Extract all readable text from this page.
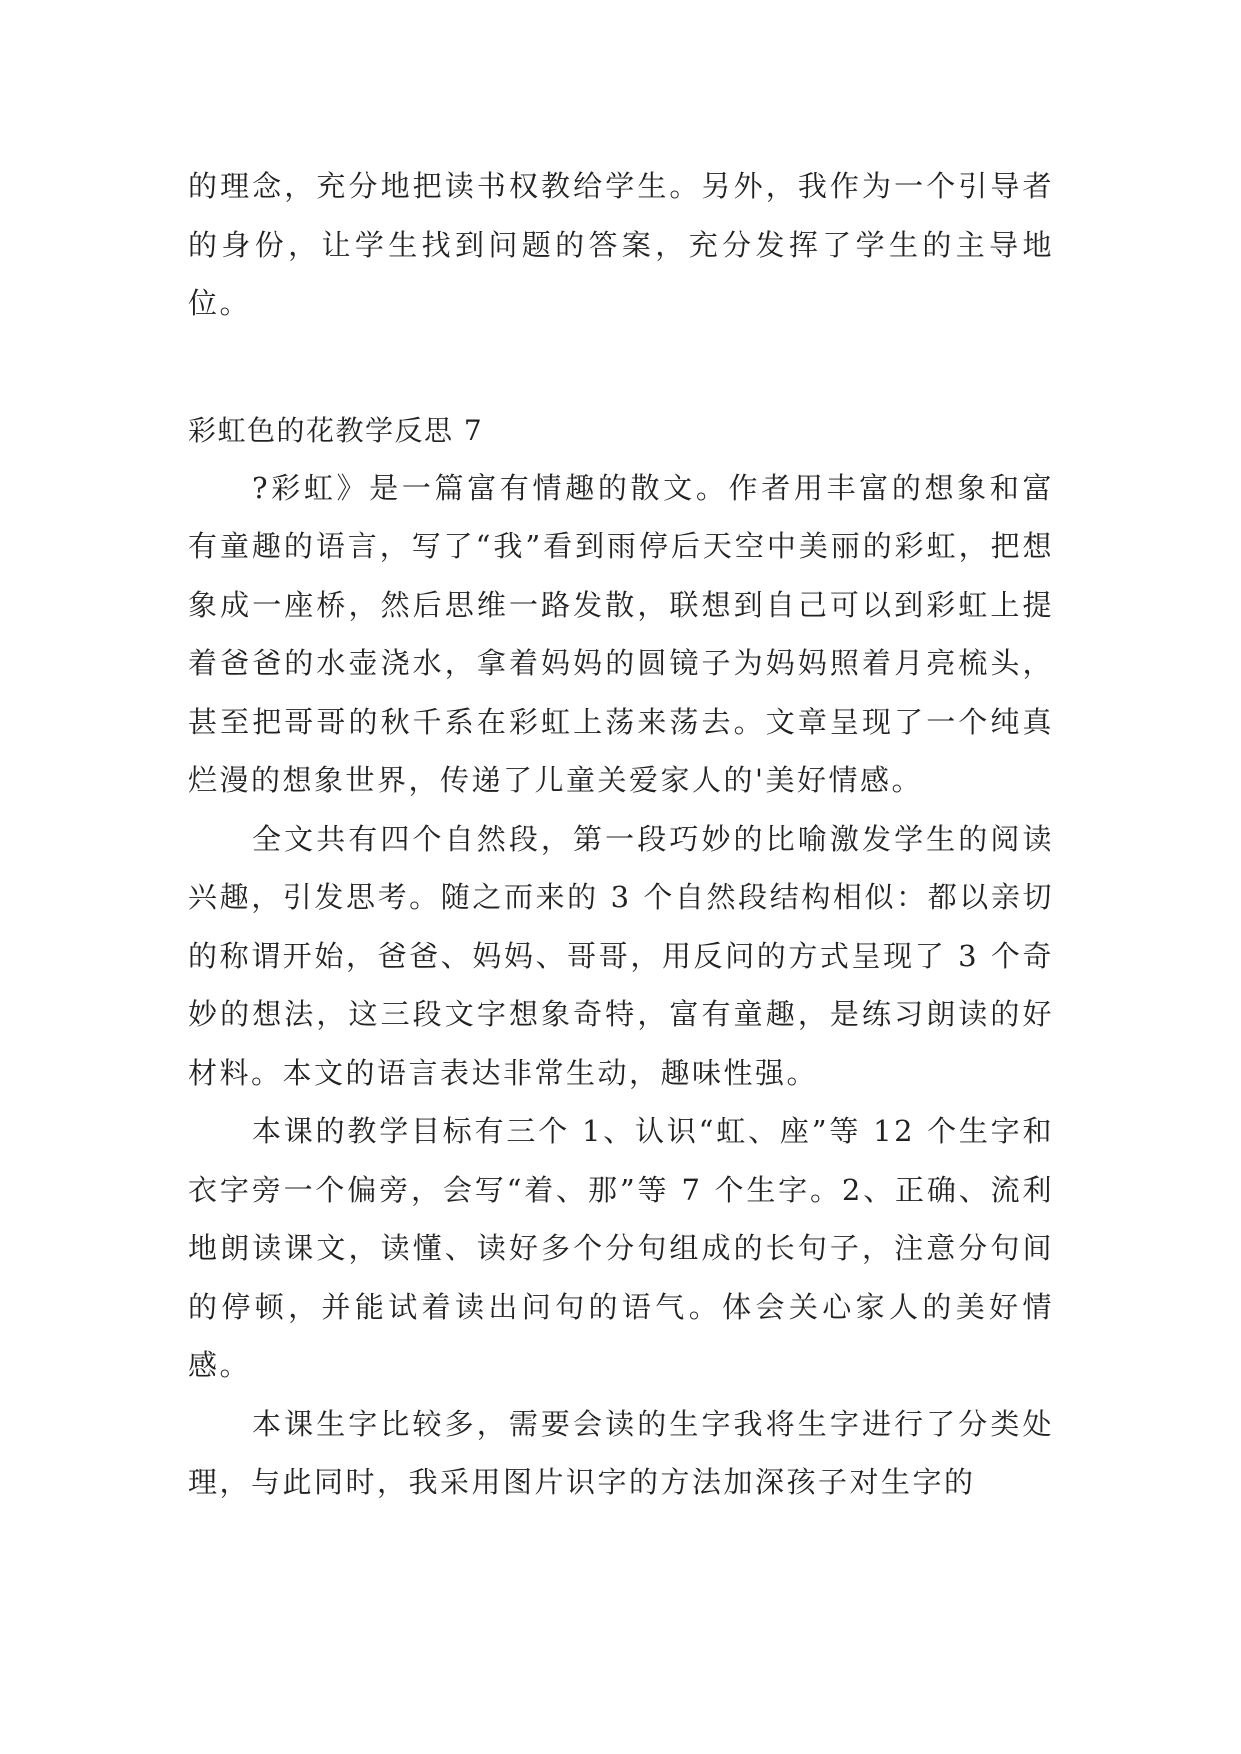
的理念，充分地把读书权教给学生。另外，我作为一个引导者的身份，让学生找到问题的答案，充分发挥了学生的主导地位。

彩虹色的花教学反思 7

?彩虹》是一篇富有情趣的散文。作者用丰富的想象和富有童趣的语言，写了“我”看到雨停后天空中美丽的彩虹，把想象成一座桥，然后思维一路发散，联想到自己可以到彩虹上提着爸爸的水壶浇水，拿着妈妈的圆镜子为妈妈照着月亮梳头，甚至把哥哥的秋千系在彩虹上荡来荡去。文章呈现了一个纯真烂漫的想象世界，传递了儿童关爱家人的'美好情感。

全文共有四个自然段，第一段巧妙的比喻激发学生的阅读兴趣，引发思考。随之而来的 3 个自然段结构相似：都以亲切的称谓开始，爸爸、妈妈、哥哥，用反问的方式呈现了 3 个奇妙的想法，这三段文字想象奇特，富有童趣，是练习朗读的好材料。本文的语言表达非常生动，趣味性强。

本课的教学目标有三个 1、认识“虹、座”等 12 个生字和衣字旁一个偏旁，会写“着、那”等 7 个生字。2、正确、流利地朗读课文，读懂、读好多个分句组成的长句子，注意分句间的停顿，并能试着读出问句的语气。体会关心家人的美好情感。

本课生字比较多，需要会读的生字我将生字进行了分类处理，与此同时，我采用图片识字的方法加深孩子对生字的
